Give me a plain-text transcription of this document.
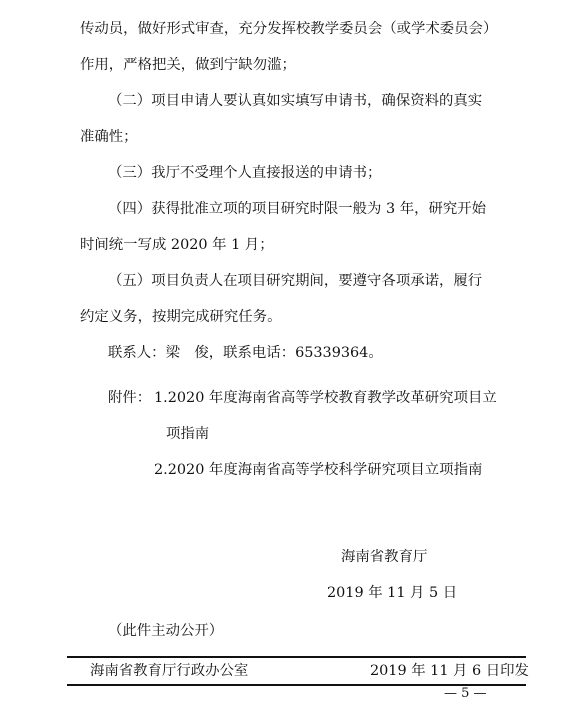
传动员，做好形式审查，充分发挥校教学委员会（或学术委员会）
作用，严格把关，做到宁缺勿滥；
（二）项目申请人要认真如实填写申请书，确保资料的真实
准确性；
（三）我厅不受理个人直接报送的申请书；
（四）获得批准立项的项目研究时限一般为 3 年，研究开始
时间统一写成 2020 年 1 月；
（五）项目负责人在项目研究期间，要遵守各项承诺，履行
约定义务，按期完成研究任务。
联系人：梁　俊，联系电话：65339364。
附件： 1.2020 年度海南省高等学校教育教学改革研究项目立
项指南
2.2020 年度海南省高等学校科学研究项目立项指南
海南省教育厅
2019 年 11 月 5 日
（此件主动公开）
海南省教育厅行政办公室	2019 年 11 月 6 日印发
— 5 —
